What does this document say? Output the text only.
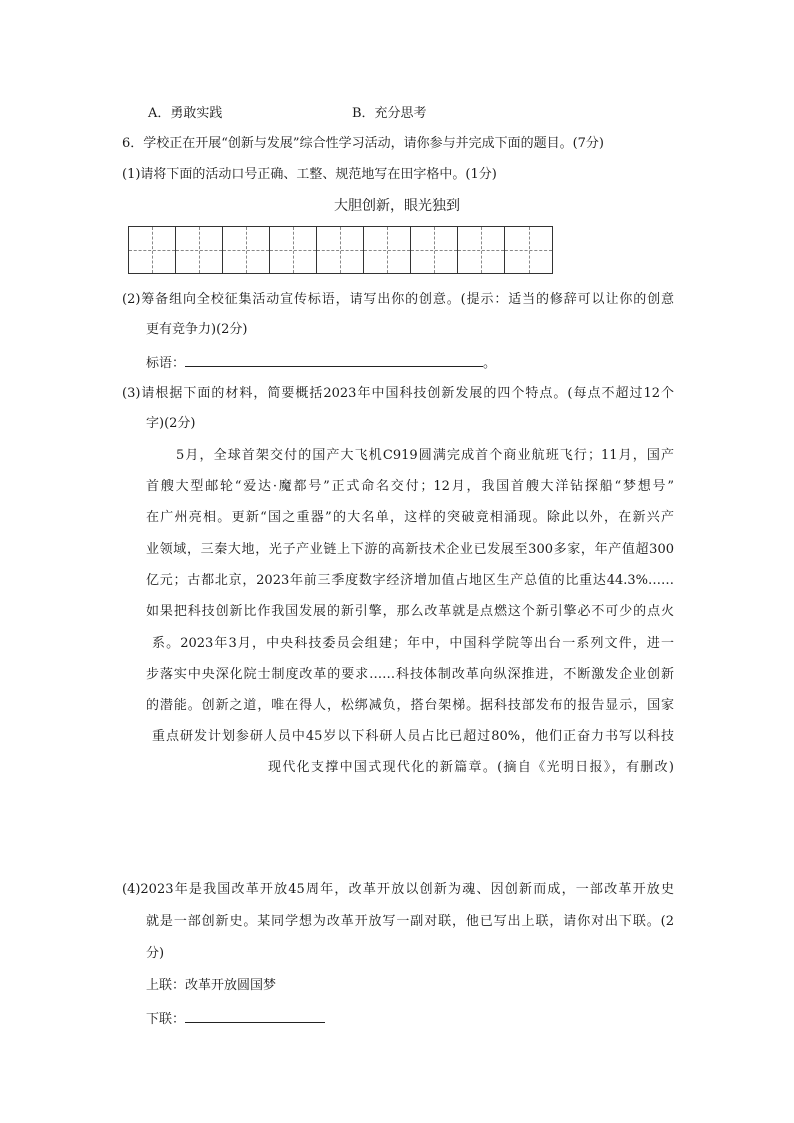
A．勇敢实践	B．充分思考
6．学校正在开展“创新与发展”综合性学习活动，请你参与并完成下面的题目。(7分)
(1)请将下面的活动口号正确、工整、规范地写在田字格中。(1分)
大胆创新，眼光独到
(2)筹备组向全校征集活动宣传标语，请写出你的创意。(提示：适当的修辞可以让你的创意
更有竞争力)(2分)
标语：	。
(3)请根据下面的材料，简要概括2023年中国科技创新发展的四个特点。(每点不超过12个
字)(2分)
5月，全球首架交付的国产大飞机C919圆满完成首个商业航班飞行；11月，国产
首艘大型邮轮“爱达·魔都号”正式命名交付；12月，我国首艘大洋钻探船“梦想号”
在广州亮相。更新“国之重器”的大名单，这样的突破竟相涌现。除此以外，在新兴产
业领域，三秦大地，光子产业链上下游的高新技术企业已发展至300多家，年产值超300
亿元；古都北京，2023年前三季度数字经济增加值占地区生产总值的比重达44.3%……
如果把科技创新比作我国发展的新引擎，那么改革就是点燃这个新引擎必不可少的点火
系。2023年3月，中央科技委员会组建；年中，中国科学院等出台一系列文件，进一
步落实中央深化院士制度改革的要求……科技体制改革向纵深推进，不断激发企业创新
的潜能。创新之道，唯在得人，松绑减负，搭台架梯。据科技部发布的报告显示，国家
重点研发计划参研人员中45岁以下科研人员占比已超过80%，他们正奋力书写以科技
现代化支撑中国式现代化的新篇章。(摘自《光明日报》，有删改)
(4)2023年是我国改革开放45周年，改革开放以创新为魂、因创新而成，一部改革开放史
就是一部创新史。某同学想为改革开放写一副对联，他已写出上联，请你对出下联。(2
分)
上联：改革开放圆国梦
下联：
